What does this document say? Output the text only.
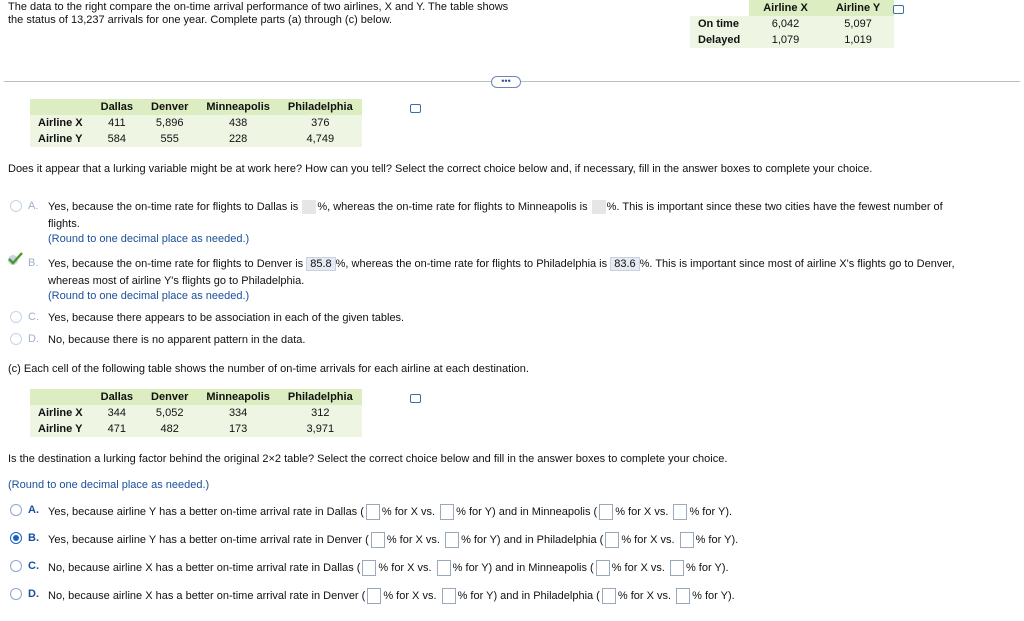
The data to the right compare the on-time arrival performance of two airlines, X and Y. The table shows
the status of 13,237 arrivals for one year. Complete parts (a) through (c) below.
	Airline X	Airline Y
On time	6,042	5,097
Delayed	1,079	1,019
•••
	Dallas	Denver	Minneapolis	Philadelphia
Airline X	411	5,896	438	376
Airline Y	584	555	228	4,749
Does it appear that a lurking variable might be at work here? How can you tell? Select the correct choice below and, if necessary, fill in the answer boxes to complete your choice.
A. Yes, because the on-time rate for flights to Dallas is %, whereas the on-time rate for flights to Minneapolis is %. This is important since these two cities have the fewest number of
flights.
(Round to one decimal place as needed.)
B. Yes, because the on-time rate for flights to Denver is 85.8 %, whereas the on-time rate for flights to Philadelphia is 83.6 %. This is important since most of airline X's flights go to Denver,
whereas most of airline Y's flights go to Philadelphia.
(Round to one decimal place as needed.)
C. Yes, because there appears to be association in each of the given tables.
D. No, because there is no apparent pattern in the data.
(c) Each cell of the following table shows the number of on-time arrivals for each airline at each destination.
	Dallas	Denver	Minneapolis	Philadelphia
Airline X	344	5,052	334	312
Airline Y	471	482	173	3,971
Is the destination a lurking factor behind the original 2×2 table? Select the correct choice below and fill in the answer boxes to complete your choice.
(Round to one decimal place as needed.)
A. Yes, because airline Y has a better on-time arrival rate in Dallas ( % for X vs. % for Y) and in Minneapolis ( % for X vs. % for Y).
B. Yes, because airline Y has a better on-time arrival rate in Denver ( % for X vs. % for Y) and in Philadelphia ( % for X vs. % for Y).
C. No, because airline X has a better on-time arrival rate in Dallas ( % for X vs. % for Y) and in Minneapolis ( % for X vs. % for Y).
D. No, because airline X has a better on-time arrival rate in Denver ( % for X vs. % for Y) and in Philadelphia ( % for X vs. % for Y).
